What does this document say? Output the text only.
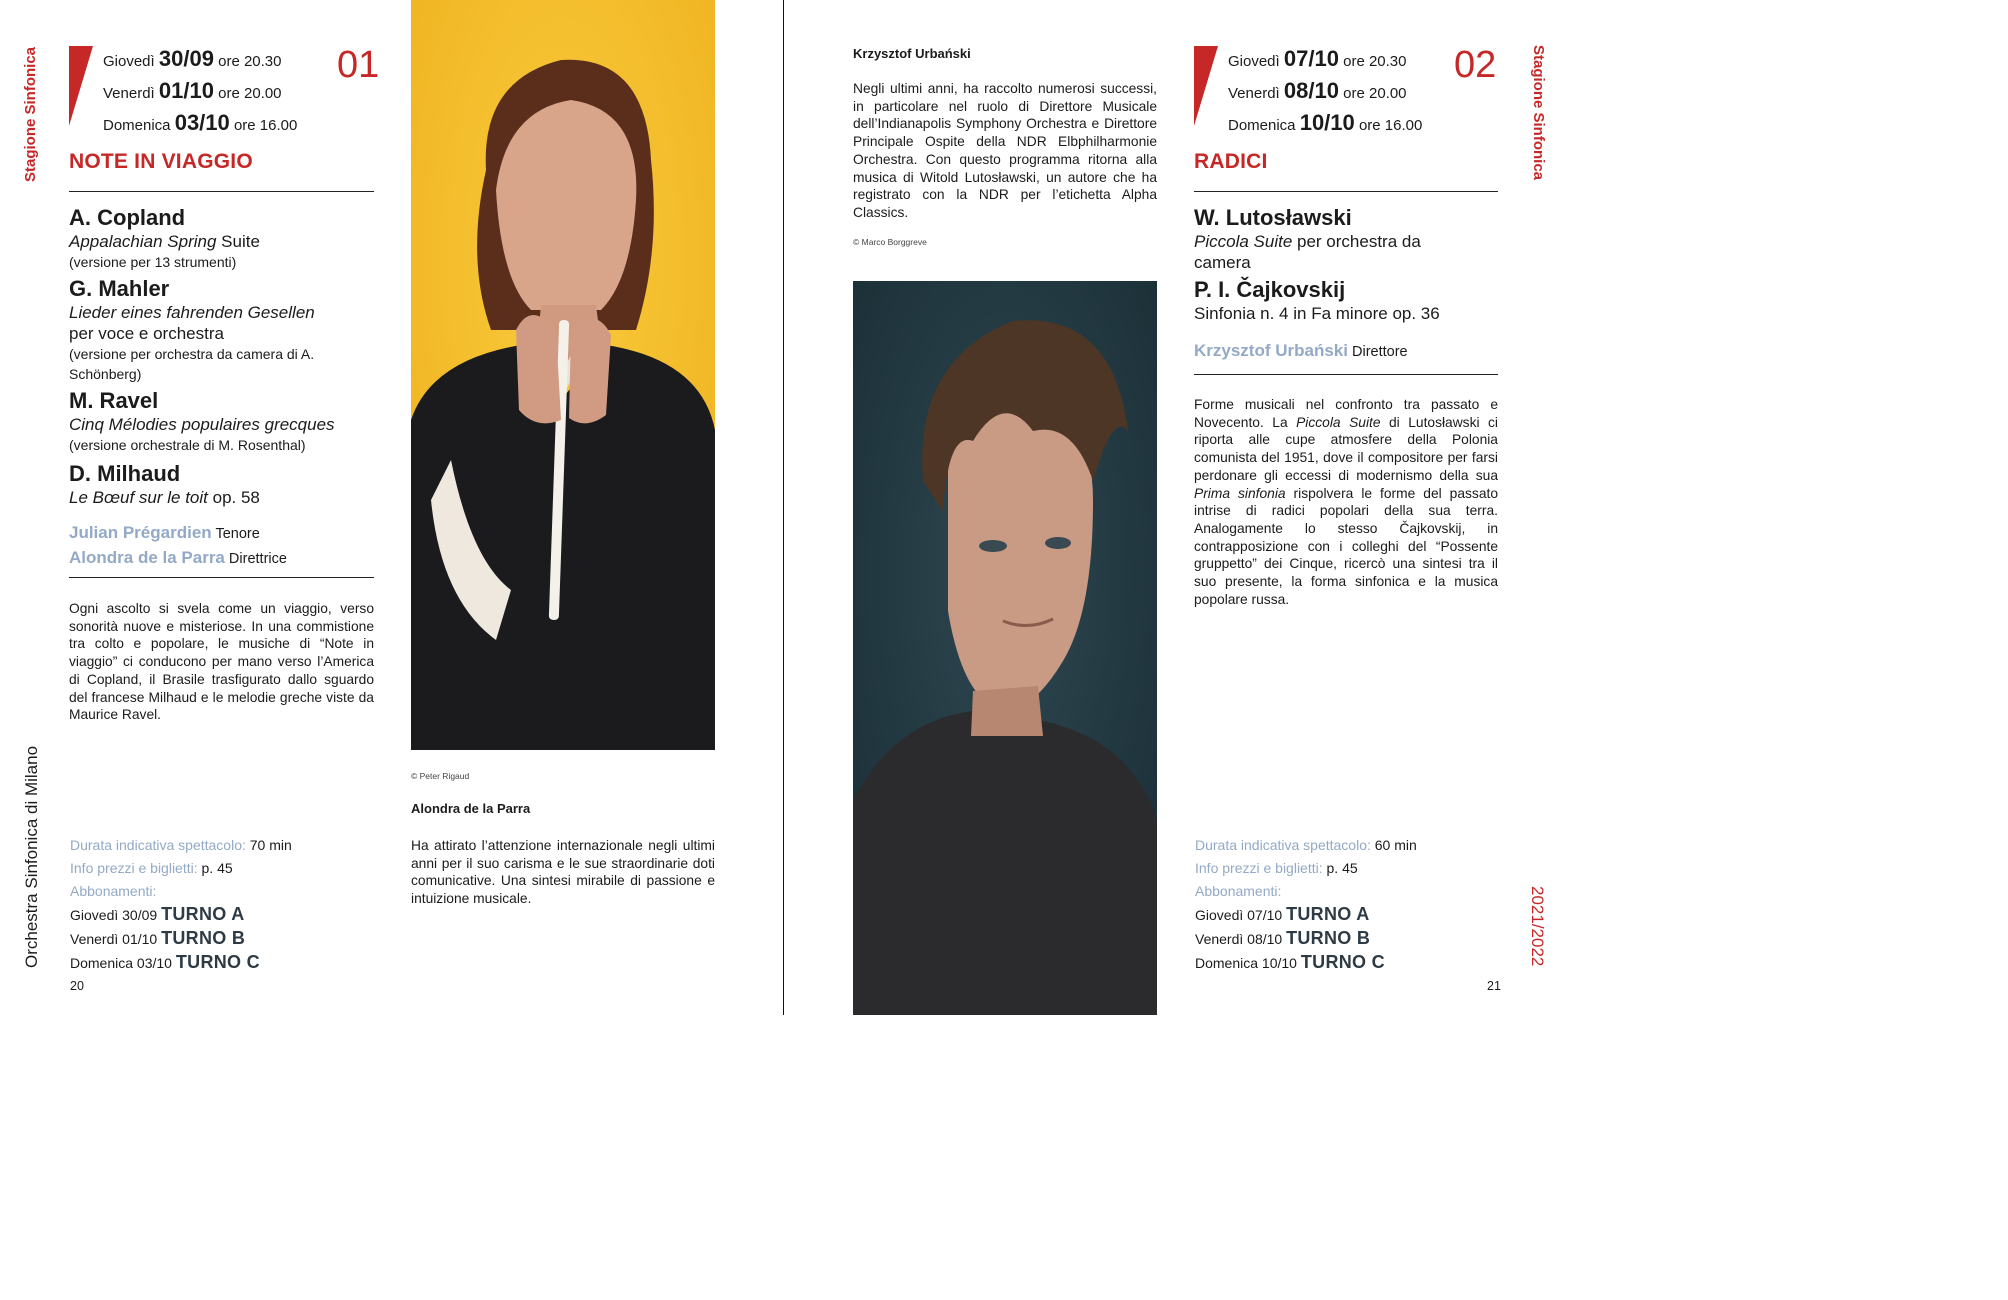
Stagione Sinfonica
Orchestra Sinfonica di Milano
Giovedì 30/09 ore 20.30
Venerdì 01/10 ore 20.00
Domenica 03/10 ore 16.00
01
NOTE IN VIAGGIO
A. Copland
Appalachian Spring Suite
(versione per 13 strumenti)
G. Mahler
Lieder eines fahrenden Gesellen
per voce e orchestra
(versione per orchestra da camera di A. Schönberg)
M. Ravel
Cinq Mélodies populaires grecques
(versione orchestrale di M. Rosenthal)
D. Milhaud
Le Bœuf sur le toit op. 58
Julian Prégardien Tenore
Alondra de la Parra Direttrice
Ogni ascolto si svela come un viaggio, verso sonorità nuove e misteriose. In una commistione tra colto e popolare, le musiche di “Note in viaggio” ci conducono per mano verso l’America di Copland, il Brasile trasfigurato dallo sguardo del francese Milhaud e le melodie greche viste da Maurice Ravel.
Durata indicativa spettacolo: 70 min
Info prezzi e biglietti: p. 45
Abbonamenti:
Giovedì 30/09 TURNO A
Venerdì 01/10 TURNO B
Domenica 03/10 TURNO C
20
© Peter Rigaud
Alondra de la Parra
Ha attirato l’attenzione internazionale negli ultimi anni per il suo carisma e le sue straordinarie doti comunicative. Una sintesi mirabile di passione e intuizione musicale.
Krzysztof Urbański
Negli ultimi anni, ha raccolto numerosi successi, in particolare nel ruolo di Direttore Musicale dell’Indianapolis Symphony Orchestra e Direttore Principale Ospite della NDR Elbphilharmonie Orchestra. Con questo programma ritorna alla musica di Witold Lutosławski, un autore che ha registrato con la NDR per l’etichetta Alpha Classics.
© Marco Borggreve
Giovedì 07/10 ore 20.30
Venerdì 08/10 ore 20.00
Domenica 10/10 ore 16.00
02
RADICI
W. Lutosławski
Piccola Suite per orchestra da camera
P. I. Čajkovskij
Sinfonia n. 4 in Fa minore op. 36
Krzysztof Urbański Direttore
Forme musicali nel confronto tra passato e Novecento. La Piccola Suite di Lutosławski ci riporta alle cupe atmosfere della Polonia comunista del 1951, dove il compositore per farsi perdonare gli eccessi di modernismo della sua Prima sinfonia rispolvera le forme del passato intrise di radici popolari della sua terra. Analogamente lo stesso Čajkovskij, in contrapposizione con i colleghi del “Possente gruppetto” dei Cinque, ricercò una sintesi tra il suo presente, la forma sinfonica e la musica popolare russa.
Durata indicativa spettacolo: 60 min
Info prezzi e biglietti: p. 45
Abbonamenti:
Giovedì 07/10 TURNO A
Venerdì 08/10 TURNO B
Domenica 10/10 TURNO C
21
Stagione Sinfonica
2021/2022
